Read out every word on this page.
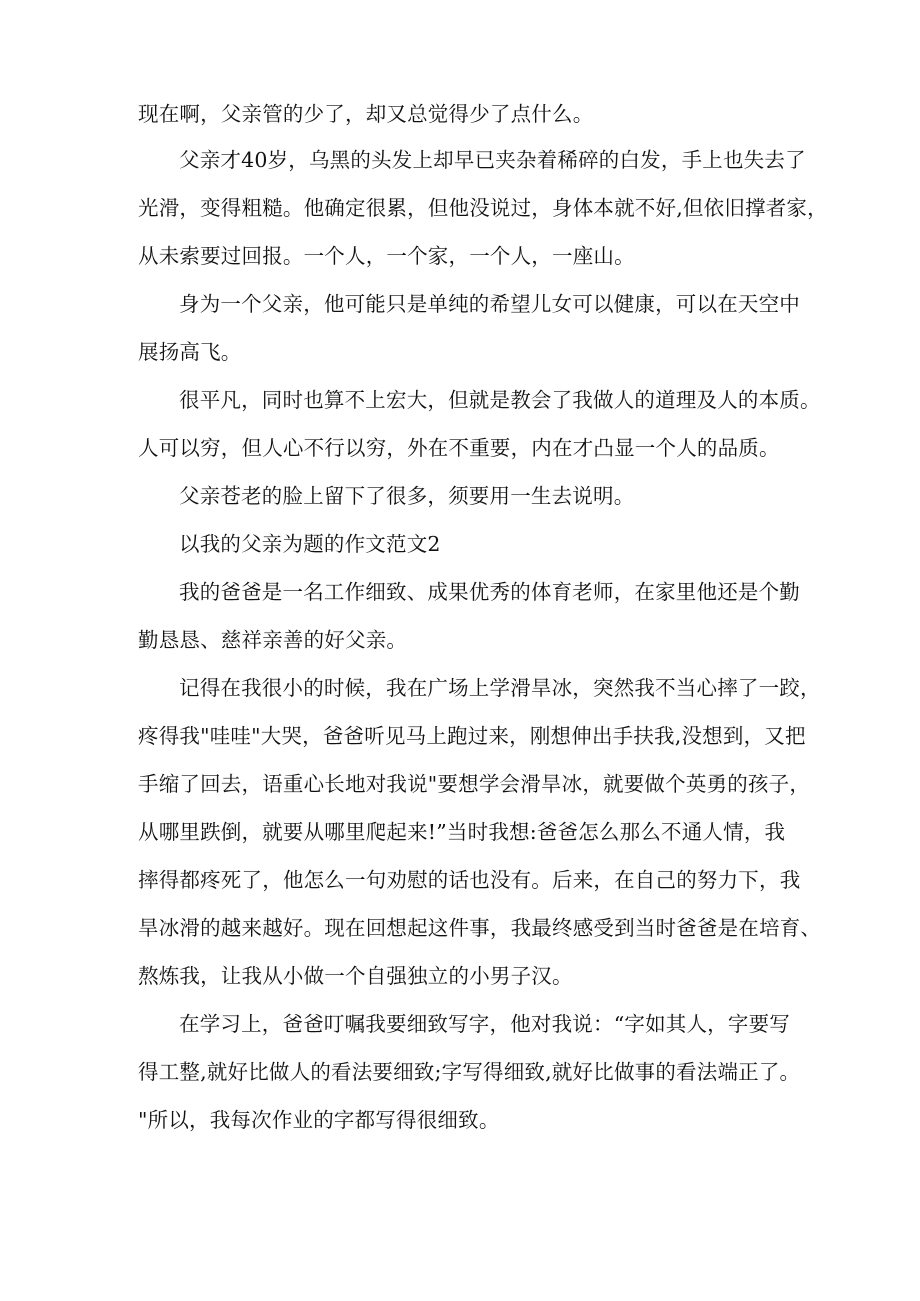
现在啊，父亲管的少了，却又总觉得少了点什么。
父亲才40岁，乌黑的头发上却早已夹杂着稀碎的白发，手上也失去了
光滑，变得粗糙。他确定很累，但他没说过，身体本就不好,但依旧撑者家，
从未索要过回报。一个人，一个家，一个人，一座山。
身为一个父亲，他可能只是单纯的希望儿女可以健康，可以在天空中
展扬高飞。
很平凡，同时也算不上宏大，但就是教会了我做人的道理及人的本质。
人可以穷，但人心不行以穷，外在不重要，内在才凸显一个人的品质。
父亲苍老的脸上留下了很多，须要用一生去说明。
以我的父亲为题的作文范文2
我的爸爸是一名工作细致、成果优秀的体育老师，在家里他还是个勤
勤恳恳、慈祥亲善的好父亲。
记得在我很小的时候，我在广场上学滑旱冰，突然我不当心摔了一跤，
疼得我"哇哇"大哭，爸爸听见马上跑过来，刚想伸出手扶我,没想到，又把
手缩了回去，语重心长地对我说"要想学会滑旱冰，就要做个英勇的孩子，
从哪里跌倒，就要从哪里爬起来!”当时我想:爸爸怎么那么不通人情，我
摔得都疼死了，他怎么一句劝慰的话也没有。后来，在自己的努力下，我
旱冰滑的越来越好。现在回想起这件事，我最终感受到当时爸爸是在培育、
熬炼我，让我从小做一个自强独立的小男子汉。
在学习上，爸爸叮嘱我要细致写字，他对我说：“字如其人，字要写
得工整,就好比做人的看法要细致;字写得细致,就好比做事的看法端正了。
"所以，我每次作业的字都写得很细致。
